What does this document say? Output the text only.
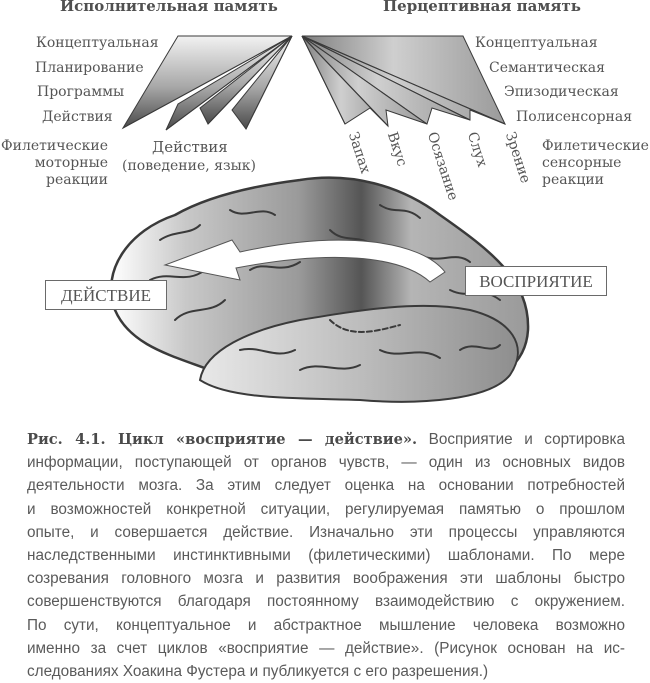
Исполнительная память	Перцептивная память
Концептуальная
Планирование
Программы
Действия
Филетические
моторные
реакции
Действия
(поведение, язык)
Концептуальная
Семантическая
Эпизодическая
Полисенсорная
Запах Вкус Осязание Слух Зрение Филетические
сенсорные
реакции
ДЕЙСТВИЕ
ВОСПРИЯТИЕ
Рис. 4.1. Цикл «восприятие — действие». Восприятие и сортировка
информации, поступающей от органов чувств, — один из основных видов
деятельности мозга. За этим следует оценка на основании потребностей
и возможностей конкретной ситуации, регулируемая памятью о прошлом
опыте, и совершается действие. Изначально эти процессы управляются
наследственными инстинктивными (филетическими) шаблонами. По мере
созревания головного мозга и развития воображения эти шаблоны быстро
совершенствуются благодаря постоянному взаимодействию с окружением.
По сути, концептуальное и абстрактное мышление человека возможно
именно за счет циклов «восприятие — действие». (Рисунок основан на ис-
следованиях Хоакина Фустера и публикуется с его разрешения.)
